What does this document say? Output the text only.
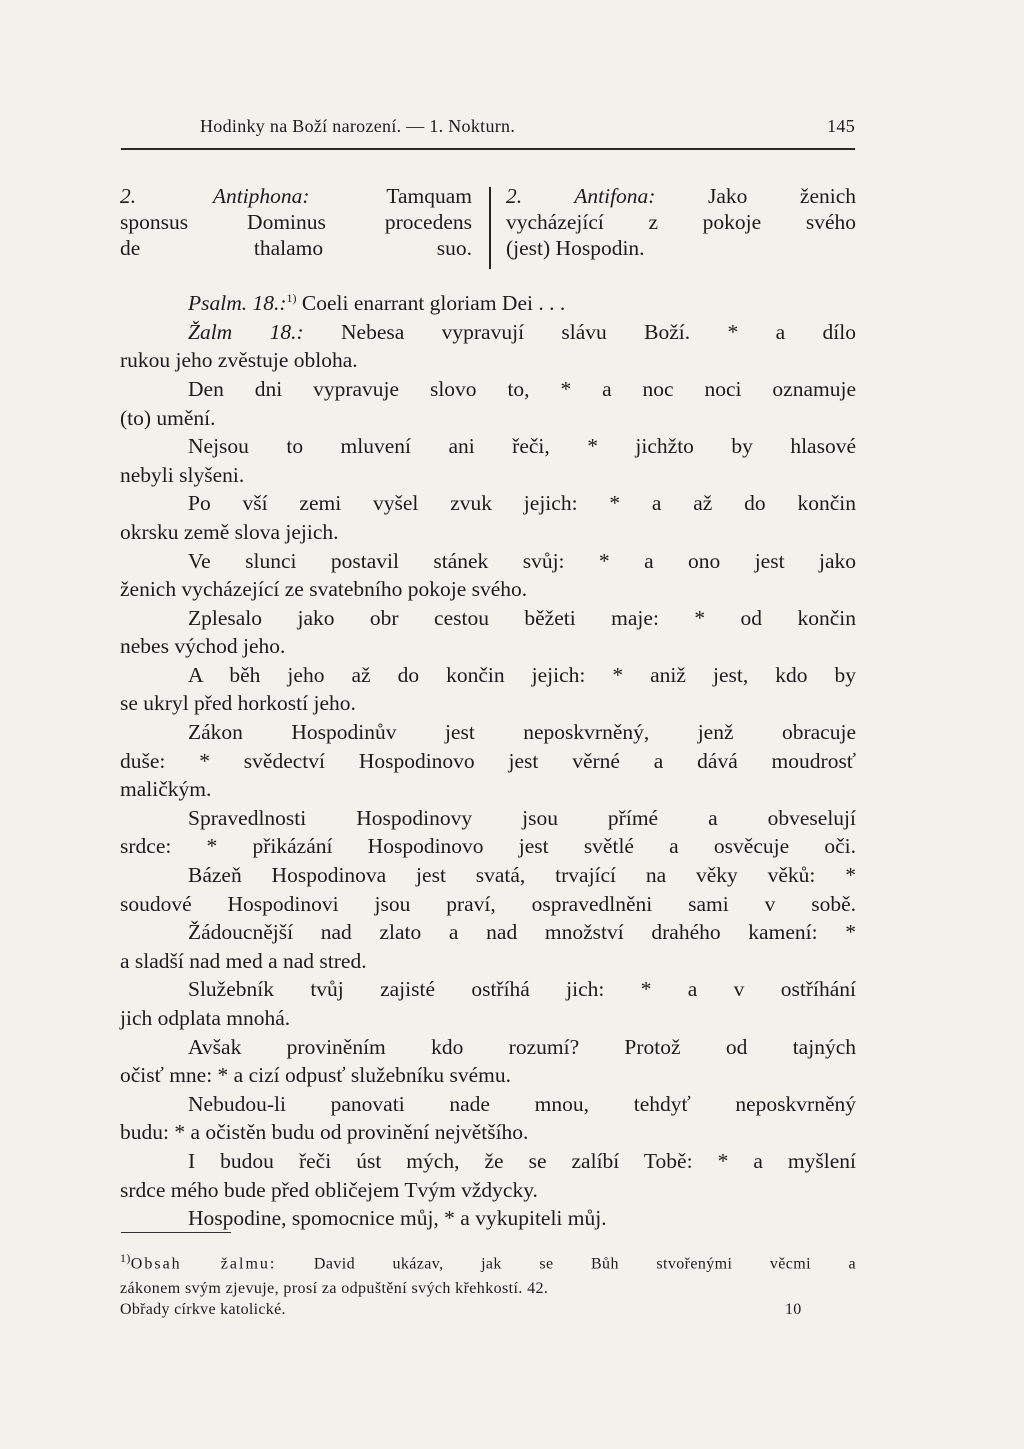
Hodinky na Boží narození. — 1. Nokturn.	145
2. Antiphona:	Tamquam
sponsus Dominus procedens
de thalamo suo.
2. Antifona: Jako ženich
vycházející z pokoje svého
(jest) Hospodin.
Psalm. 18.:$^{1)}$ Coeli enarrant gloriam Dei . . .
Žalm 18.: Nebesa vypravují slávu Boží. * a dílo
rukou jeho zvěstuje obloha.
Den dni vypravuje slovo to, * a noc noci oznamuje
(to) umění.
Nejsou to mluvení ani řeči, * jichžto by hlasové
nebyli slyšeni.
Po vší zemi vyšel zvuk jejich: * a až do končin
okrsku země slova jejich.
Ve slunci postavil stánek svůj: * a ono jest jako
ženich vycházející ze svatebního pokoje svého.
Zplesalo jako obr cestou běžeti maje: * od končin
nebes východ jeho.
A běh jeho až do končin jejich: * aniž jest, kdo by
se ukryl před horkostí jeho.
Zákon Hospodinův jest neposkvrněný, jenž obracuje
duše: * svědectví Hospodinovo jest věrné a dává moudrosť
maličkým.
Spravedlnosti Hospodinovy jsou přímé a obveselují
srdce: * přikázání Hospodinovo jest světlé a osvěcuje oči.
Bázeň Hospodinova jest svatá, trvající na věky věků: *
soudové Hospodinovi jsou praví, ospravedlněni sami v sobě.
Žádoucnější nad zlato a nad množství drahého kamení: *
a sladší nad med a nad stred.
Služebník tvůj zajisté ostříhá jich: * a v ostříhání
jich odplata mnohá.
Avšak proviněním kdo rozumí? Protož od tajných
očisť mne: * a cizí odpusť služebníku svému.
Nebudou-li panovati nade mnou, tehdyť neposkvrněný
budu: * a očistěn budu od provinění největšího.
I budou řeči úst mých, že se zalíbí Tobě: * a myšlení
srdce mého bude před obličejem Tvým vždycky.
Hospodine, spomocnice můj, * a vykupiteli můj.
$^{1)}$Obsah žalmu: David ukázav, jak se Bůh stvořenými věcmi a
zákonem svým zjevuje, prosí za odpuštění svých křehkostí. 42.
Obřady církve katolické.	10
